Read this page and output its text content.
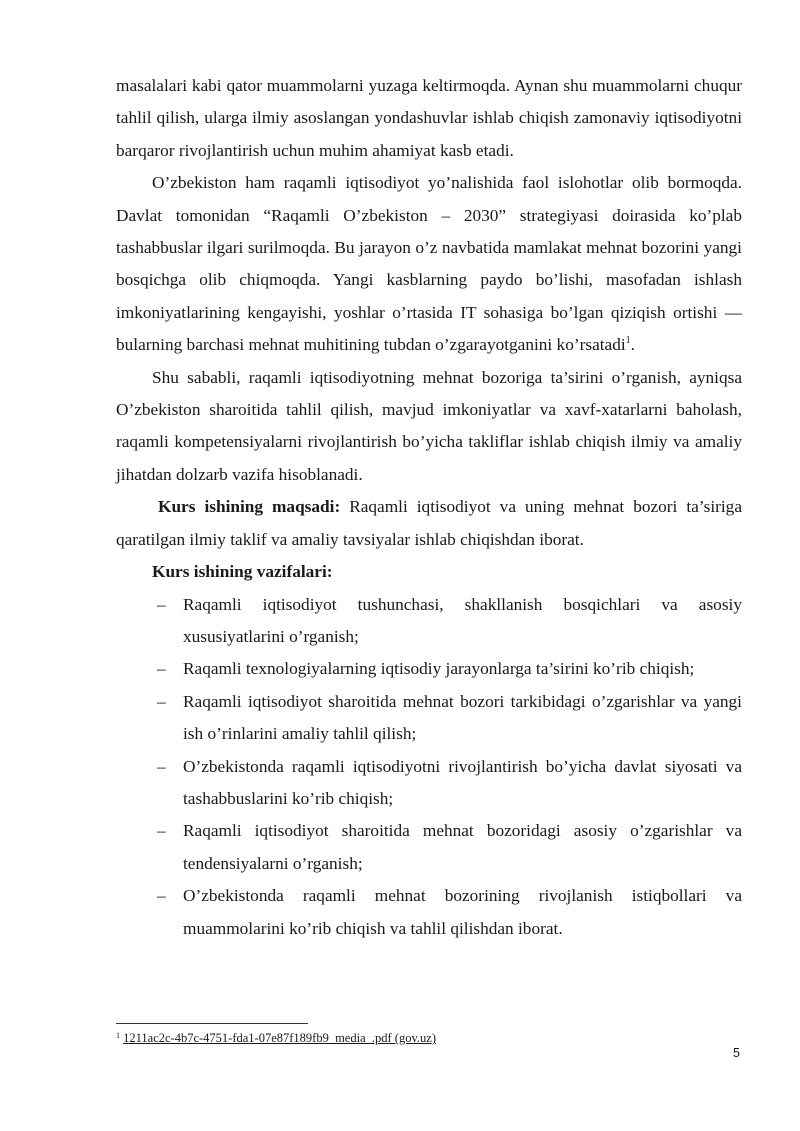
masalalari kabi qator muammolarni yuzaga keltirmoqda. Aynan shu muammolarni chuqur tahlil qilish, ularga ilmiy asoslangan yondashuvlar ishlab chiqish zamonaviy iqtisodiyotni barqaror rivojlantirish uchun muhim ahamiyat kasb etadi.

O’zbekiston ham raqamli iqtisodiyot yo’nalishida faol islohotlar olib bormoqda. Davlat tomonidan “Raqamli O’zbekiston – 2030” strategiyasi doirasida ko’plab tashabbuslar ilgari surilmoqda. Bu jarayon o’z navbatida mamlakat mehnat bozorini yangi bosqichga olib chiqmoqda. Yangi kasblarning paydo bo’lishi, masofadan ishlash imkoniyatlarining kengayishi, yoshlar o’rtasida IT sohasiga bo’lgan qiziqish ortishi — bularning barchasi mehnat muhitining tubdan o’zgarayotganini ko’rsatadi$^1$.

Shu sababli, raqamli iqtisodiyotning mehnat bozoriga ta’sirini o’rganish, ayniqsa O’zbekiston sharoitida tahlil qilish, mavjud imkoniyatlar va xavf-xatarlarni baholash, raqamli kompetensiyalarni rivojlantirish bo’yicha takliflar ishlab chiqish ilmiy va amaliy jihatdan dolzarb vazifa hisoblanadi.

Kurs ishining maqsadi: Raqamli iqtisodiyot va uning mehnat bozori ta’siriga qaratilgan ilmiy taklif va amaliy tavsiyalar ishlab chiqishdan iborat.

Kurs ishining vazifalari:

– Raqamli iqtisodiyot tushunchasi, shakllanish bosqichlari va asosiy xususiyatlarini o’rganish;
– Raqamli texnologiyalarning iqtisodiy jarayonlarga ta’sirini ko’rib chiqish;
– Raqamli iqtisodiyot sharoitida mehnat bozori tarkibidagi o’zgarishlar va yangi ish o’rinlarini amaliy tahlil qilish;
– O’zbekistonda raqamli iqtisodiyotni rivojlantirish bo’yicha davlat siyosati va tashabbuslarini ko’rib chiqish;
– Raqamli iqtisodiyot sharoitida mehnat bozoridagi asosiy o’zgarishlar va tendensiyalarni o’rganish;
– O’zbekistonda raqamli mehnat bozorining rivojlanish istiqbollari va muammolarini ko’rib chiqish va tahlil qilishdan iborat.
$^1$ 1211ac2c-4b7c-4751-fda1-07e87f189fb9_media_.pdf (gov.uz)
5
